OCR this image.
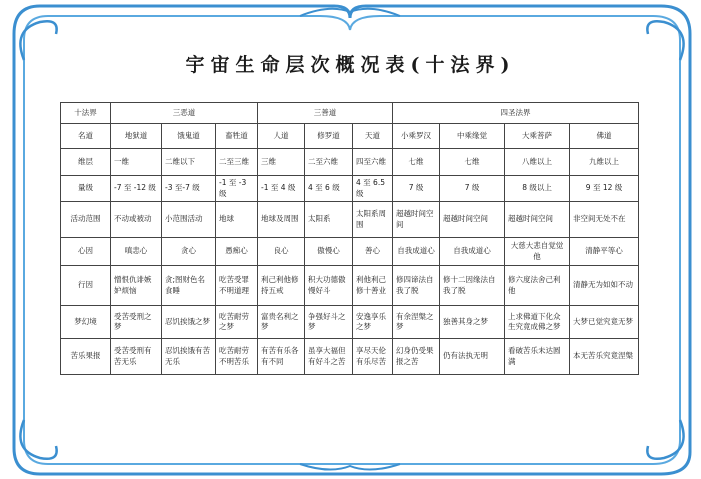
宇宙生命层次概况表(十法界)
十法界	三恶道			三善道			四圣法界			
名道	地狱道	饿鬼道	畜牲道	人道	修罗道	天道	小乘罗汉	中乘缘觉	大乘菩萨	佛道
维层	一维	二维以下	二至三维	三维	二至六维	四至六维	七维	七维	八维以上	九维以上
量级	-7 至 -12 级	-3 至-7 级	-1 至 -3 级	-1 至 4 级	4 至 6 级	4 至 6.5 级	7 级	7 级	8 级以上	9 至 12 级
活动范围	不动或被动	小范围活动	地球	地球及周围	太阳系	太阳系周围	超越时间空间	超越时间空间	超越时间空间	非空间无处不在
心因	嗔恚心	贪心	愚痴心	良心	傲慢心	善心	自我成道心	自我成道心	大慈大悲自觉觉他	清静平等心
行因	憎恨仇诽嫉妒烦恼	贪;图财色名食睡	吃苦受罪不明道理	利己利他修持五戒	积大功德傲慢好斗	利他利己修十善业	修四谛法自我了脱	修十二因缘法自我了脱	修六度法舍己利他	清静无为如如不动
梦幻境	受苦受刑之梦	忍饥挨饿之梦	吃苦耐劳之梦	富贵名利之梦	争强好斗之梦	安逸享乐之梦	有余涅槃之梦	独善其身之梦	上求佛道下化众生究竟成佛之梦	大梦已觉究竟无梦
苦乐果报	受苦受刑有苦无乐	忍饥挨饿有苦无乐	吃苦耐劳不明苦乐	有苦有乐各有不同	虽享大福但有好斗之苦	享尽天伦有乐尽苦	幻身仍受果报之苦	仍有法执无明	看破苦乐未达圆满	本无苦乐究竟涅槃
